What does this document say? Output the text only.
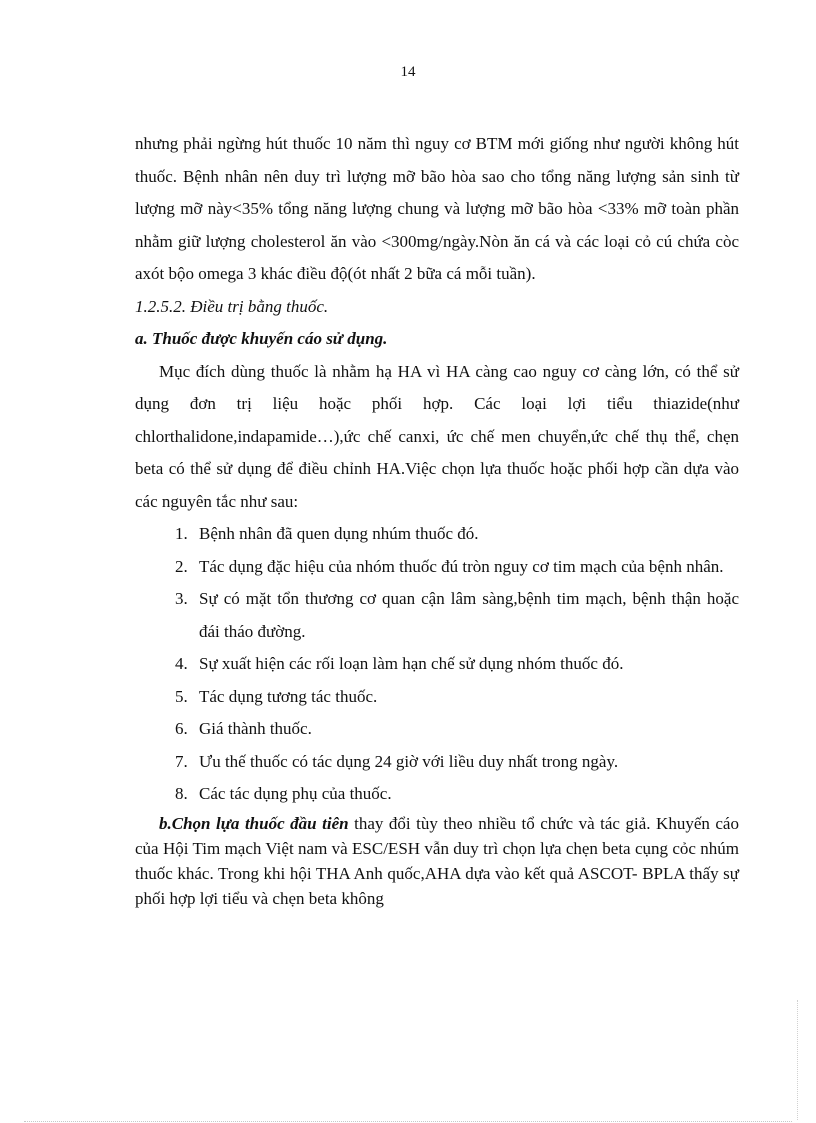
14

nhưng phải ngừng hút thuốc 10 năm thì nguy cơ BTM mới giống như người không hút thuốc. Bệnh nhân nên duy trì lượng mỡ bão hòa sao cho tổng năng lượng sản sinh từ lượng mỡ này<35% tổng năng lượng chung và lượng mỡ bão hòa <33% mỡ toàn phần nhằm giữ lượng cholesterol ăn vào <300mg/ngày.Nòn ăn cá và các loại cỏ cú chứa còc axót bộo omega 3 khác điều độ(ót nhất 2 bữa cá mỗi tuần).

1.2.5.2. Điều trị bằng thuốc.

a. Thuốc được khuyến cáo sử dụng.

Mục đích dùng thuốc là nhằm hạ HA vì HA càng cao nguy cơ càng lớn, có thể sử dụng đơn trị liệu hoặc phối hợp. Các loại lợi tiểu thiazide(như chlorthalidone,indapamide…),ức chế canxi, ức chế men chuyển,ức chế thụ thể, chẹn beta có thể sử dụng để điều chỉnh HA.Việc chọn lựa thuốc hoặc phối hợp cần dựa vào các nguyên tắc như sau:

1. Bệnh nhân đã quen dụng nhúm thuốc đó.
2. Tác dụng đặc hiệu của nhóm thuốc đú tròn nguy cơ tim mạch của bệnh nhân.
3. Sự có mặt tổn thương cơ quan cận lâm sàng,bệnh tim mạch, bệnh thận hoặc đái tháo đường.
4. Sự xuất hiện các rối loạn làm hạn chế sử dụng nhóm thuốc đó.
5. Tác dụng tương tác thuốc.
6. Giá thành thuốc.
7. Ưu thế thuốc có tác dụng 24 giờ với liều duy nhất trong ngày.
8. Các tác dụng phụ của thuốc.

b.Chọn lựa thuốc đầu tiên thay đổi tùy theo nhiều tổ chức và tác giả. Khuyến cáo của Hội Tim mạch Việt nam và ESC/ESH vẫn duy trì chọn lựa chẹn beta cụng cỏc nhúm thuốc khác. Trong khi hội THA Anh quốc,AHA dựa vào kết quả ASCOT- BPLA thấy sự phối hợp lợi tiểu và chẹn beta không
